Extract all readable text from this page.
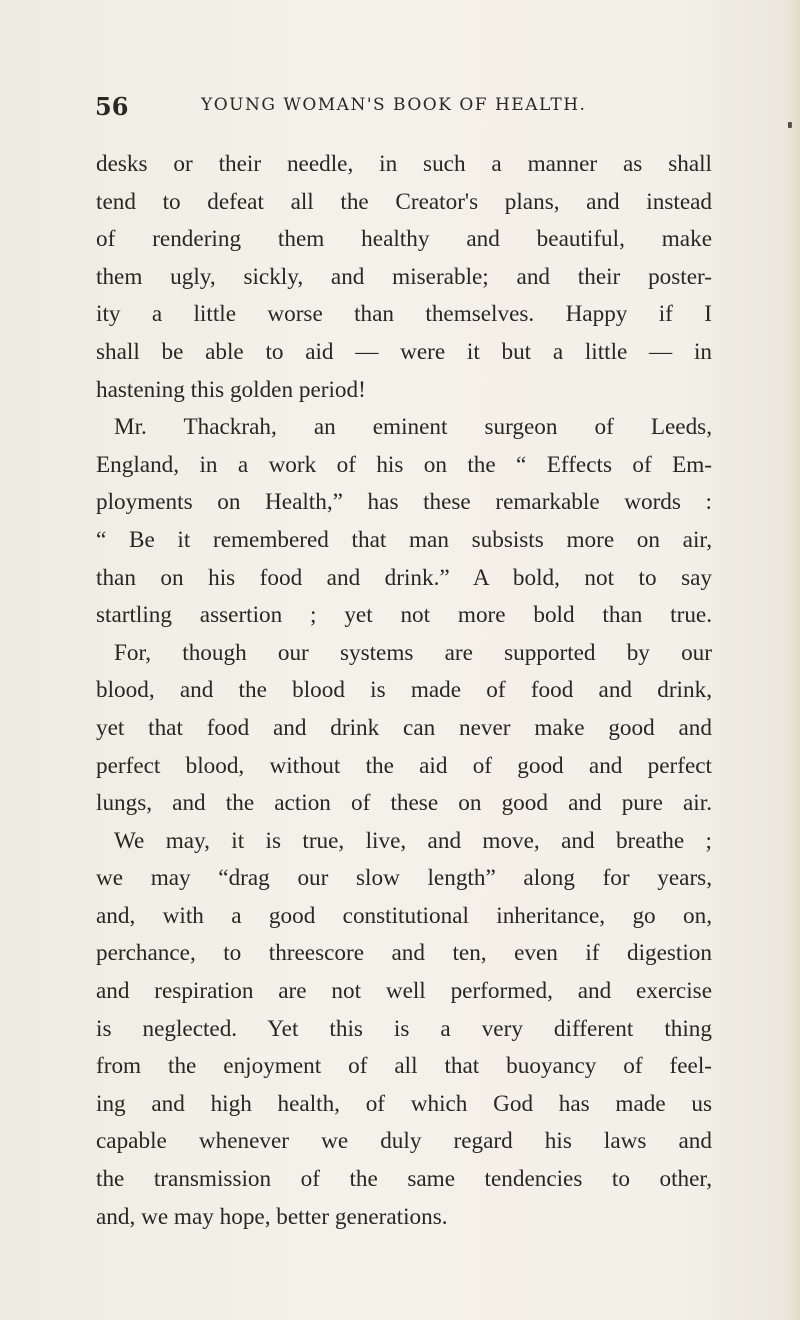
56	YOUNG WOMAN'S BOOK OF HEALTH.
desks or their needle, in such a manner as shall
tend to defeat all the Creator's plans, and instead
of rendering them healthy and beautiful, make
them ugly, sickly, and miserable; and their poster-
ity a little worse than themselves. Happy if I
shall be able to aid — were it but a little — in
hastening this golden period!
Mr. Thackrah, an eminent surgeon of Leeds,
England, in a work of his on the “ Effects of Em-
ployments on Health,” has these remarkable words :
“ Be it remembered that man subsists more on air,
than on his food and drink.” A bold, not to say
startling assertion ; yet not more bold than true.
For, though our systems are supported by our
blood, and the blood is made of food and drink,
yet that food and drink can never make good and
perfect blood, without the aid of good and perfect
lungs, and the action of these on good and pure air.
We may, it is true, live, and move, and breathe ;
we may “drag our slow length” along for years,
and, with a good constitutional inheritance, go on,
perchance, to threescore and ten, even if digestion
and respiration are not well performed, and exercise
is neglected. Yet this is a very different thing
from the enjoyment of all that buoyancy of feel-
ing and high health, of which God has made us
capable whenever we duly regard his laws and
the transmission of the same tendencies to other,
and, we may hope, better generations.
